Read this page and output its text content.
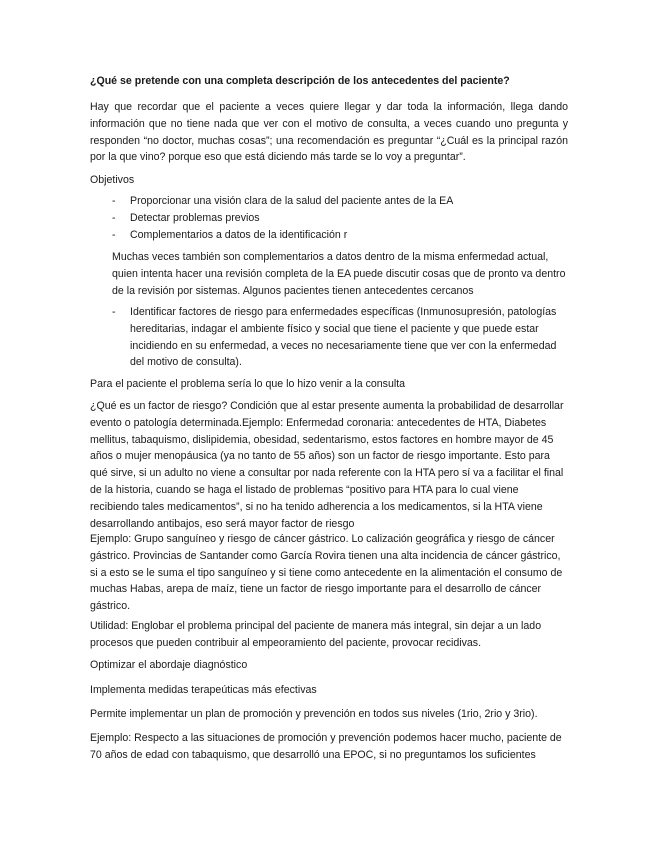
¿Qué se pretende con una completa descripción de los antecedentes del paciente?

Hay que recordar que el paciente a veces quiere llegar y dar toda la información, llega dando información que no tiene nada que ver con el motivo de consulta, a veces cuando uno pregunta y responden “no doctor, muchas cosas”; una recomendación es preguntar “¿Cuál es la principal razón por la que vino? porque eso que está diciendo más tarde se lo voy a preguntar”.

Objetivos

- Proporcionar una visión clara de la salud del paciente antes de la EA

- Detectar problemas previos

- Complementarios a datos de la identificación r

Muchas veces también son complementarios a datos dentro de la misma enfermedad actual, quien intenta hacer una revisión completa de la EA puede discutir cosas que de pronto va dentro de la revisión por sistemas. Algunos pacientes tienen antecedentes cercanos

- Identificar factores de riesgo para enfermedades específicas (Inmunosupresión, patologías hereditarias, indagar el ambiente físico y social que tiene el paciente y que puede estar incidiendo en su enfermedad, a veces no necesariamente tiene que ver con la enfermedad del motivo de consulta).

Para el paciente el problema sería lo que lo hizo venir a la consulta

¿Qué es un factor de riesgo? Condición que al estar presente aumenta la probabilidad de desarrollar evento o patología determinada.Ejemplo: Enfermedad coronaria: antecedentes de HTA, Diabetes mellitus, tabaquismo, dislipidemia, obesidad, sedentarismo, estos factores en hombre mayor de 45 años o mujer menopáusica (ya no tanto de 55 años) son un factor de riesgo importante. Esto para qué sirve, si un adulto no viene a consultar por nada referente con la HTA pero sí va a facilitar el final de la historia, cuando se haga el listado de problemas “positivo para HTA para lo cual viene recibiendo tales medicamentos”, si no ha tenido adherencia a los medicamentos, si la HTA viene desarrollando antibajos, eso será mayor factor de riesgo

Ejemplo: Grupo sanguíneo y riesgo de cáncer gástrico. Lo calización geográfica y riesgo de cáncer gástrico. Provincias de Santander como García Rovira tienen una alta incidencia de cáncer gástrico, si a esto se le suma el tipo sanguíneo y si tiene como antecedente en la alimentación el consumo de muchas Habas, arepa de maíz, tiene un factor de riesgo importante para el desarrollo de cáncer gástrico.

Utilidad: Englobar el problema principal del paciente de manera más integral, sin dejar a un lado procesos que pueden contribuir al empeoramiento del paciente, provocar recidivas.

Optimizar el abordaje diagnóstico

Implementa medidas terapeúticas más efectivas

Permite implementar un plan de promoción y prevención en todos sus niveles (1rio, 2rio y 3rio).

Ejemplo: Respecto a las situaciones de promoción y prevención podemos hacer mucho, paciente de 70 años de edad con tabaquismo, que desarrolló una EPOC, si no preguntamos los suficientes
